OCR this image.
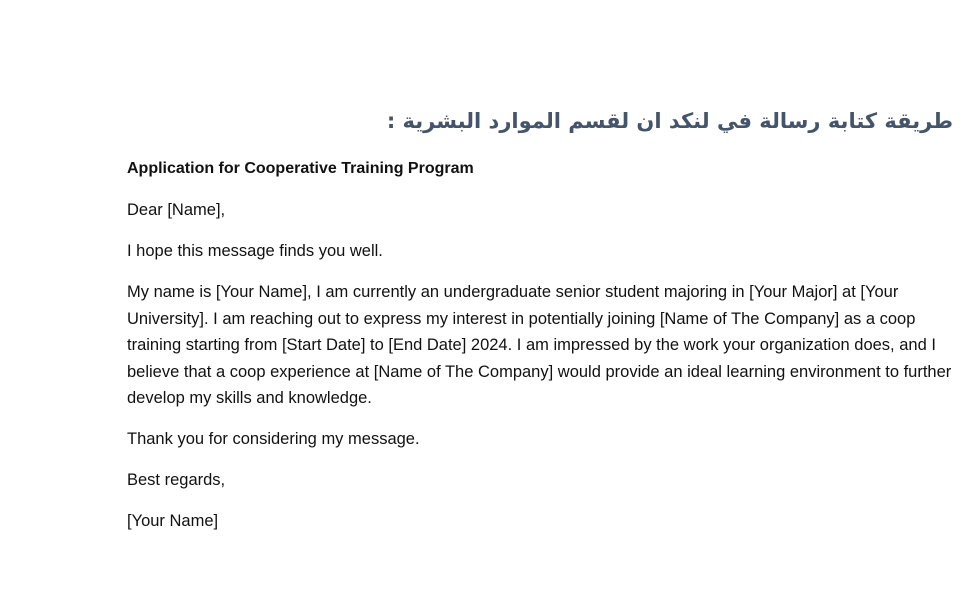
طريقة كتابة رسالة في لنكد ان لقسم الموارد البشرية :

Application for Cooperative Training Program

Dear [Name],

I hope this message finds you well.

My name is [Your Name], I am currently an undergraduate senior student majoring in [Your Major] at [Your University]. I am reaching out to express my interest in potentially joining [Name of The Company] as a coop training starting from [Start Date] to [End Date] 2024. I am impressed by the work your organization does, and I believe that a coop experience at [Name of The Company] would provide an ideal learning environment to further develop my skills and knowledge.

Thank you for considering my message.

Best regards,

[Your Name]
